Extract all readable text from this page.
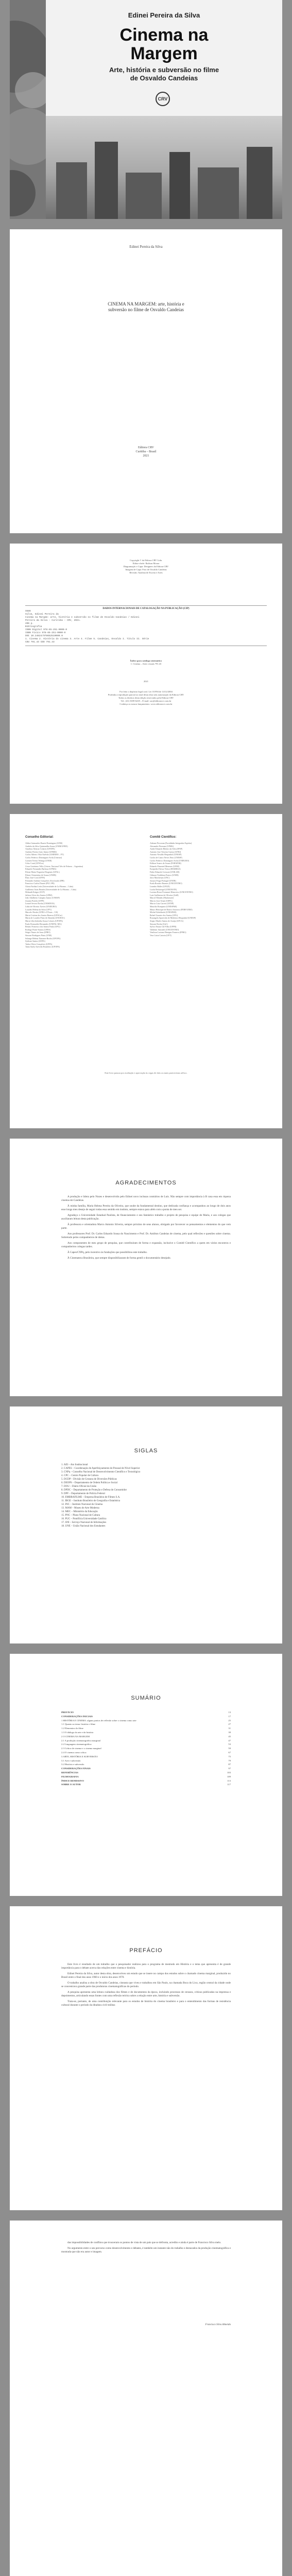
Edinei Pereira da Silva
Cinema na
Margem
Arte, história e subversão no filme
de Osvaldo Candeias
CRV
Edinei Pereira da Silva
CINEMA NA MARGEM: arte, história e
subversão no filme de Osvaldo Candeias
Editora CRV
Curitiba – Brasil
2021
Copyright © da Editora CRV Ltda.
Editor-chefe: Railson Moura
Diagramação e Capa: Designers da Editora CRV
Imagem de Capa: Foto de Osvaldo Candeias
Revisão: Analista de Escrita e Artes
DADOS INTERNACIONAIS DE CATALOGAÇÃO NA PUBLICAÇÃO (CIP)
S586
Silva, Edinei Pereira da
Cinema na Margem: arte, história e subversão no filme de Osvaldo Candeias / Edinei
Pereira da Silva – Curitiba : CRV, 2021.
206 p.
Bibliografia
ISBN Digital 978-65-251-0000-0
ISBN Físico 978-65-251-0000-0
DOI 10.24824/978652510000.0
1. Cinema 2. História do cinema 3. Arte 4. Filme 5. Candeias, Osvaldo I. Título II. Série
CDU 791.43 CDD 791.43
Índice para catálogo sistemático
1. Cinema – Artes visuais 791.43
2021
Foi feito o depósito legal conf. Lei 10.994 de 14/12/2004
Proibida a reprodução parcial ou total desta obra sem autorização da Editora CRV
Todos os direitos desta edição reservados pela Editora CRV
Tel.: (41) 3039-6418 – E-mail: sac@editoracrv.com.br
Conheça os nossos lançamentos: www.editoracrv.com.br
Conselho Editorial:	Comitê Científico:
Aldira Guimarães Duarte Domínguez (UNB)
Andréia da Silva Quintanilha Sousa (UNIR/UFRN)
Anselmo Alencar Colares (UFOPA)
Antônio Pereira Gaio Júnior (UFRRJ)
Carlos Alberto Vilar Estêvão (UMINHO – PT)
Carlos Federico Dominguez Avila (Unieuro)
Carmen Tereza Velanga (UNIR)
Celso Conti (UFSCar)
Cesar Gerónimo Tello (Univer. Nacional Três de Febrero – Argentina)
Eduardo Fernandes Barbosa (UFMG)
Elione Maria Nogueira Diogenes (UFAL)
Elizeu Clementino de Souza (UNEB)
Élsio José Corá (UFFS)
Fernando Antônio Gonçalves Alcoforado (IPB)
Francisco Carlos Duarte (PUC-PR)
Gloria Fariñas León (Universidade de La Havana – Cuba)
Guillermo Arias Beatón (Universidade de La Havana – Cuba)
Helmuth Krüger (UCP)
Jailson Alves dos Santos (UFRJ)
João Adalberto Campato Junior (UNESP)
Josania Portela (UFPI)
Leonel Severo Rocha (UNISINOS)
Lídia de Oliveira Xavier (UNIEURO)
Lourdes Helena da Silva (UFV)
Marcelo Paixão (UFRJ e UTexas – US)
Maria Cristina dos Santos Bezerra (UFSCar)
Maria de Lourdes Pinto de Almeida (UNOESC)
Maria Lília Imbiriba Sousa Colares (UFOPA)
Paulo Romualdo Hernandes (UNIFAL-MG)
Renato Francisco dos Santos Paula (UFG)
Rodrigo Pratte-Santos (UFES)
Sérgio Nunes de Jesus (IFRO)
Simone Rodrigues Pinto (UNB)
Solange Helena Ximenes-Rocha (UFOPA)
Sydione Santos (UEPG)
Tadeu Oliver Gonçalves (UFPA)
Tania Suely Azevedo Brasileiro (UFOPA)
Adriane Piovezan (Faculdades Integradas Espírita)
Alexandre Pierezan (UFMS)
Andre Eduardo Ribeiro da Silva (IFSP)
Antonio Jose Teixeira Guerra (UFRJ)
Antonio Nivaldo Hespanhol (UNESP)
Carlos de Castro Neves Neto (UNESP)
Carlos Federico Dominguez Avila (UNIEURO)
Edilson Soares de Souza (FABAPAR)
Eduardo Pimentel Menezes (UERJ)
Euripedes Falcao Vieira (IHGRRGS)
Fabio Eduardo Cressoni (UNILAB)
Gilmara Yoshihara Franco (UNIR)
Jairo Marchesan (UNC)
Jussara Fraga Portugal (UNEB)
Karla Rosário Brumes (UNICENTRO)
Leandro Baller (UFGD)
Lucila Reckziegel (UNIOESTE)
Luciana Rosar Fornazari Klanovicz (UNICENTRO)
Luiz Guilherme de Oliveira (UnB)
Marcel Mendes (Mackenzie)
Marcio Jose Ornat (UEPG)
Marcio Luiz Carreri (UENP)
Maurilio Rompatto (UNESPAR)
Mauro Henrique de Barros Amoroso (FEBF/UERJ)
Michel Kobelinski (UNESPAR)
Rafael Guarato dos Santos (UFG)
Rosangela Aparecida de Medeiros Hespanhol (UNESP)
Sergio Murilo Santos de Araújo (UFCG)
Simone Rocha (UnC)
Sylvio Fausto Gil Filho (UFPR)
Valdemir Antoneli (UNICENTRO)
Venilson Luciano Benigno Fonseca (IFMG)
Vera Lúcia Caixeta (UFT)
Este livro passou por avaliação e aprovação às cegas de dois ou mais pareceristas ad hoc.
AGRADECIMENTOS
A produção e lidera pelo Nozes e desenvolvido pelo Edinei novo inclusas contrários de Luís. Não sempre com importância à B casa essa em riqueza cinema em Candeias.
À minha família, Maria Helena Pereira da Oliveira, que soube da fundamental destino, que dedicada confiança e acompanhou ao longo de dois anos esse longa meu desejo de seguir todas essa sentido em instinto, sempre estava para além com a ponta de meu ser.
Agradeço o Universidade Estadual Paulista, de financiamento e seu fantástico trabalho e projeto de pesquisa e equipe de Maria, e aos colegas que auxiliaram leitura desta publicação.
À professora e orientadora Marco Antonio Silveira, sempre próximo de seus alunos, obrigado por favorecer os pensamentos e elementos do que vem parte.
Aos professores Prof. Dr. Carlos Eduardo Sousa do Nascimento e Prof. Dr. Amilton Candeias de cinema, pelo qual reflexões e questões sobre cinema. Sobretudo pelos companheiros de ideias.
Aos componentes de meu grupo de pesquisa, que contribuíram de forma e expansão, inclusive o Comitê Científico a quem em vários encontros e companheiros colegas tardes.
À Capes/CNPq, pelo incentivo às fundações que possibilitou este trabalho.
À Cinemateca Brasileira, que sempre disponibilizaram de forma gentil o documentário desejado.
SIGLAS
1. AEI – Ato Institucional
2. CAPES – Coordenação de Aperfeiçoamento de Pessoal de Nível Superior
3. CNPq – Conselho Nacional de Desenvolvimento Científico e Tecnológico
4. CPC – Centro Popular de Cultura
5. DCDP – Divisão de Censura de Diversões Públicas
6. DEOPS – Departamento de Ordem Política e Social
7. DOU – Diário Oficial da União
8. DPDC – Departamento de Proteção e Defesa do Consumidor
9. DPF – Departamento de Polícia Federal
10. EMBRAFILME – Empresa Brasileira de Filmes S.A.
11. IBGE – Instituto Brasileiro de Geografia e Estatística
12. INC – Instituto Nacional do Cinema
13. MAM – Museu de Arte Moderna
14. MEC – Ministério da Educação
15. PNC – Plano Nacional de Cultura
16. PUC – Pontifícia Universidade Católica
17. SNI – Serviço Nacional de Informações
18. UNE – União Nacional dos Estudantes
SUMÁRIO
PREFÁCIO	13
CONSIDERAÇÕES INICIAIS	17
1 HISTÓRIA E CINEMA: alguns pontos de reflexão sobre o cinema como arte	25
1.1 Quanto ao tema: história e filme	27
1.2 Elementos do filme	31
1.3 O diálogo da arte e da história	39
2 O CINEMA NA MARGEM	45
2.1 A produção cinematográfica marginal	47
2.2 Linguagem cinematográfica	53
2.3 Crítica de cinema e o cinema marginal	59
2.4 O cinema como crítica	67
3 ARTE, HISTÓRIA E SUBVERSÃO	75
3.1 Arte e subversão	79
3.2 História e subversão	87
CONSIDERAÇÕES FINAIS	97
REFERÊNCIAS	103
FILMOGRAFIA	109
ÍNDICE REMISSIVO	113
SOBRE O AUTOR	117
PREFÁCIO
Este livro é resultado de um trabalho que o pesquisador realizou para o programa de mestrado em História e o tema que apresenta é de grande importância para o debate acerca das relações entre cinema e história.
Edinei Pereira da Silva, autor desta obra, desenvolveu um estudo que se insere no campo dos estudos sobre o chamado cinema marginal, produzido no Brasil entre o final dos anos 1960 e o início dos anos 1970.
O trabalho analisa a obra de Osvaldo Candeias, cineasta que viveu e trabalhou em São Paulo, na chamada Boca do Lixo, região central da cidade onde se concentrava grande parte das produtoras cinematográficas do período.
A pesquisa apresenta uma leitura cuidadosa dos filmes e de documentos da época, incluindo processos de censura, críticas publicadas na imprensa e depoimentos, articulando essas fontes com uma reflexão teórica sobre a relação entre arte, história e subversão.
Trata-se, portanto, de uma contribuição relevante para os estudos de história do cinema brasileiro e para o entendimento das formas de resistência cultural durante o período da ditadura civil-militar.
das impossibilidades de conflitos que trouxeram os pontos de vista de um país que se defronta, acredito e ainda é parte de Francisco Silva melo.
No argumento entre o seu percurso como desenvolvimento e debates, é também um instante não do trabalho e destacados da produção cinematográfica e mostrada que não era autor e imagem.
Francisco Silva Almeida
